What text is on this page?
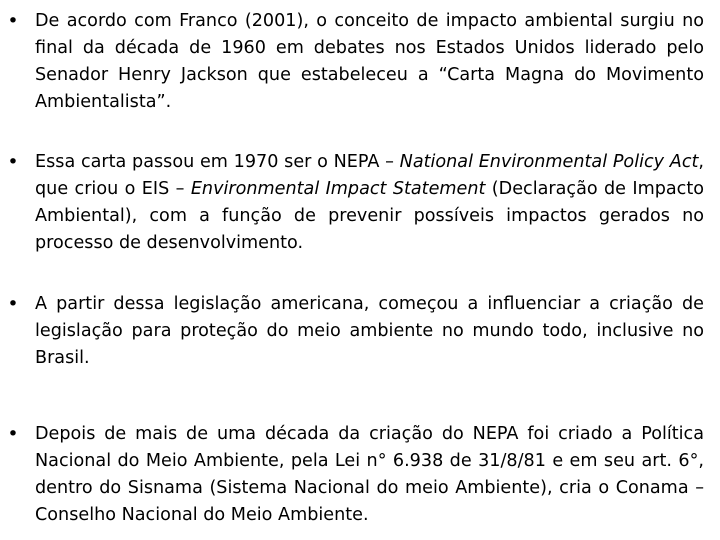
• De acordo com Franco (2001), o conceito de impacto ambiental surgiu no final da década de 1960 em debates nos Estados Unidos liderado pelo Senador Henry Jackson que estabeleceu a “Carta Magna do Movimento Ambientalista”.
• Essa carta passou em 1970 ser o NEPA – National Environmental Policy Act, que criou o EIS – Environmental Impact Statement (Declaração de Impacto Ambiental), com a função de prevenir possíveis impactos gerados no processo de desenvolvimento.
• A partir dessa legislação americana, começou a influenciar a criação de legislação para proteção do meio ambiente no mundo todo, inclusive no Brasil.
• Depois de mais de uma década da criação do NEPA foi criado a Política Nacional do Meio Ambiente, pela Lei n° 6.938 de 31/8/81 e em seu art. 6°, dentro do Sisnama (Sistema Nacional do meio Ambiente), cria o Conama – Conselho Nacional do Meio Ambiente.
